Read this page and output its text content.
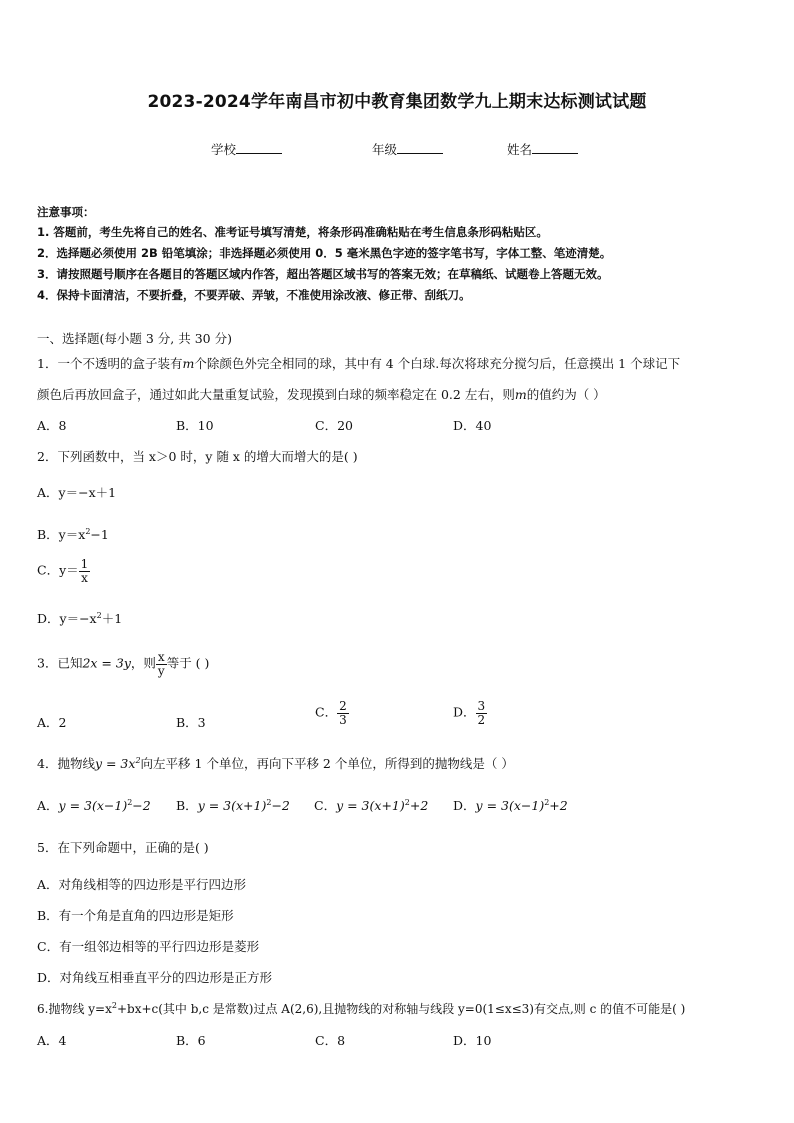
2023-2024学年南昌市初中教育集团数学九上期末达标测试试题
学校	年级	姓名
注意事项：
1. 答题前，考生先将自己的姓名、准考证号填写清楚，将条形码准确粘贴在考生信息条形码粘贴区。
2．选择题必须使用 2B 铅笔填涂；非选择题必须使用 0．5 毫米黑色字迹的签字笔书写，字体工整、笔迹清楚。
3．请按照题号顺序在各题目的答题区域内作答，超出答题区域书写的答案无效；在草稿纸、试题卷上答题无效。
4．保持卡面清洁，不要折叠，不要弄破、弄皱，不准使用涂改液、修正带、刮纸刀。
一、选择题(每小题 3 分, 共 30 分)
1．一个不透明的盒子装有m个除颜色外完全相同的球，其中有 4 个白球.每次将球充分搅匀后，任意摸出 1 个球记下
颜色后再放回盒子，通过如此大量重复试验，发现摸到白球的频率稳定在 0.2 左右，则m的值约为（ ）
A．8	B．10	C．20	D．40
2．下列函数中，当 x＞0 时，y 随 x 的增大而增大的是( )
A．y＝−x＋1
B．$y=x^2-1$
C．$y= \frac{1}{x}$
D．$y=-x^2+1$
3．已知2x = 3y，则 $\frac{x}{y}$ 等于 ( )
A．2	B．3
C． $\frac{2}{3}$	D． $\frac{3}{2}$
4．抛物线$y = 3x^2$向左平移 1 个单位，再向下平移 2 个单位，所得到的抛物线是（ ）
A．$y = 3(x-1)^2-2$ B．$y = 3(x+1)^2-2$ C．$y = 3(x+1)^2+2$ D．$y = 3(x-1)^2+2$
5．在下列命题中，正确的是( )
A．对角线相等的四边形是平行四边形
B．有一个角是直角的四边形是矩形
C．有一组邻边相等的平行四边形是菱形
D．对角线互相垂直平分的四边形是正方形
6.抛物线 $y=x^2+bx+c$(其中 b,c 是常数)过点 A(2,6),且抛物线的对称轴与线段 y=0(1≤x≤3)有交点,则 c 的值不可能是( )
A．4	B．6	C．8	D．10
